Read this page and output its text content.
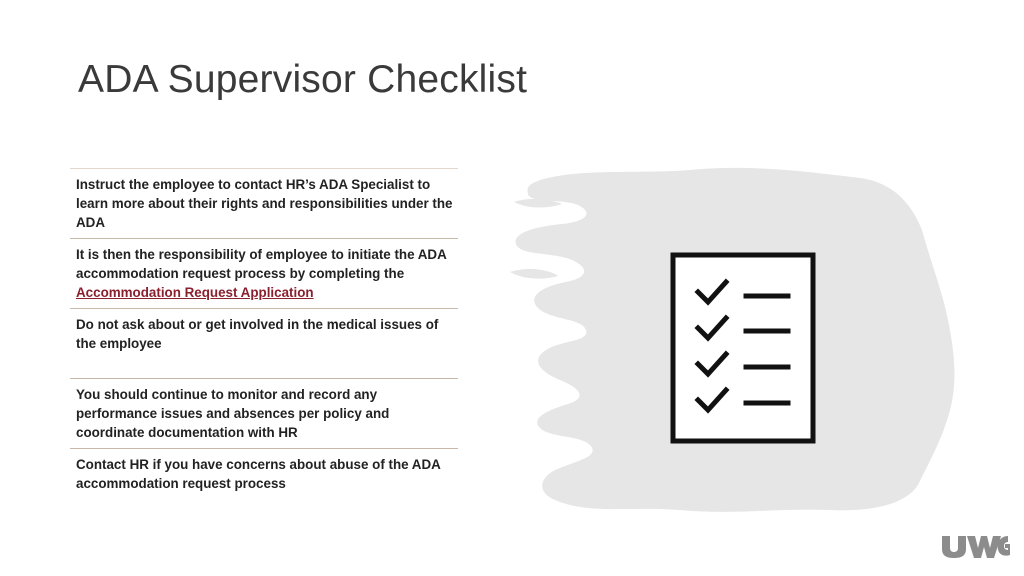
ADA Supervisor Checklist
Instruct the employee to contact HR’s ADA Specialist to learn more about their rights and responsibilities under the ADA
It is then the responsibility of employee to initiate the ADA accommodation request process by completing the Accommodation Request Application
Do not ask about or get involved in the medical issues of the employee
You should continue to monitor and record any performance issues and absences per policy and coordinate documentation with HR
Contact HR if you have concerns about abuse of the ADA accommodation request process
